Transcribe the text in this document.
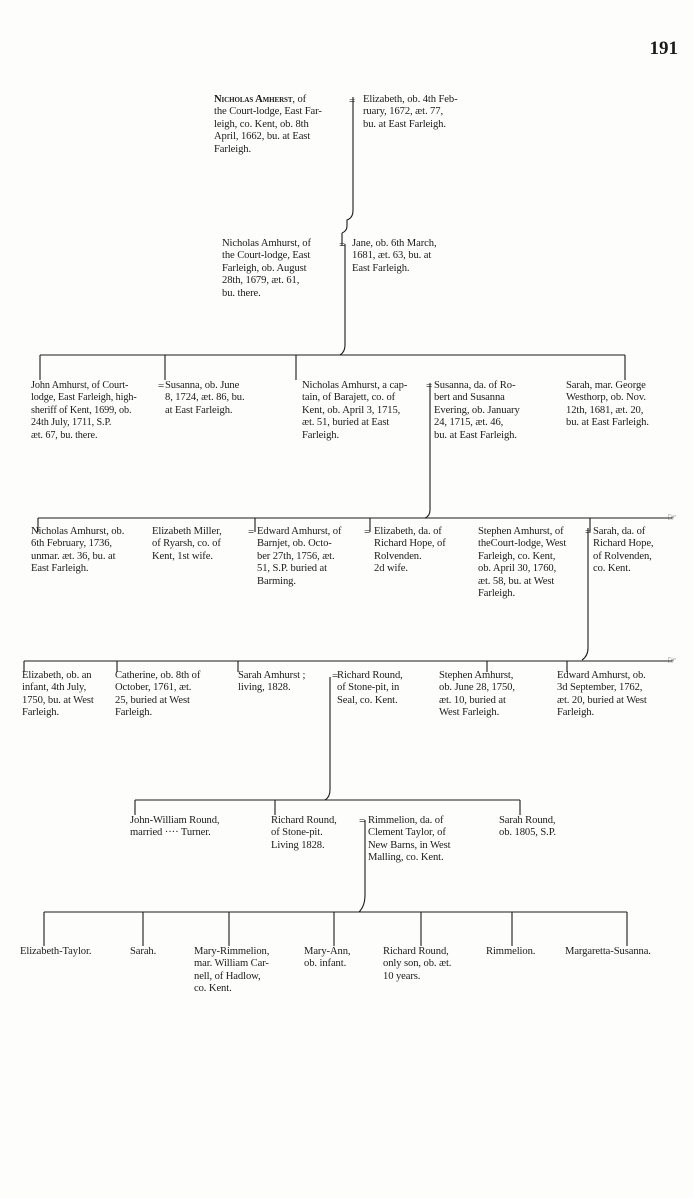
191
Nicholas Amherst, of
the Court-lodge, East Far-
leigh, co. Kent, ob. 8th
April, 1662, bu. at East
Farleigh.
Elizabeth, ob. 4th Feb-
ruary, 1672, æt. 77,
bu. at East Farleigh.
Nicholas Amhurst, of
the Court-lodge, East
Farleigh, ob. August
28th, 1679, æt. 61,
bu. there.
Jane, ob. 6th March,
1681, æt. 63, bu. at
East Farleigh.
John Amhurst, of Court-
lodge, East Farleigh, high-
sheriff of Kent, 1699, ob.
24th July, 1711, S.P.
æt. 67, bu. there.
Susanna, ob. June
8, 1724, æt. 86, bu.
at East Farleigh.
Nicholas Amhurst, a cap-
tain, of Barajett, co. of
Kent, ob. April 3, 1715,
æt. 51, buried at East
Farleigh.
Susanna, da. of Ro-
bert and Susanna
Evering, ob. January
24, 1715, æt. 46,
bu. at East Farleigh.
Sarah, mar. George
Westhorp, ob. Nov.
12th, 1681, æt. 20,
bu. at East Farleigh.
Nicholas Amhurst, ob.
6th February, 1736,
unmar. æt. 36, bu. at
East Farleigh.
Elizabeth Miller,
of Ryarsh, co. of
Kent, 1st wife.
Edward Amhurst, of
Barnjet, ob. Octo-
ber 27th, 1756, æt.
51, S.P. buried at
Barming.
Elizabeth, da. of
Richard Hope, of
Rolvenden.
2d wife.
Stephen Amhurst, of
theCourt-lodge, West
Farleigh, co. Kent,
ob. April 30, 1760,
æt. 58, bu. at West
Farleigh.
Sarah, da. of
Richard Hope,
of Rolvenden,
co. Kent.
Elizabeth, ob. an
infant, 4th July,
1750, bu. at West
Farleigh.
Catherine, ob. 8th of
October, 1761, æt.
25, buried at West
Farleigh.
Sarah Amhurst ;
living, 1828.
Richard Round,
of Stone-pit, in
Seal, co. Kent.
Stephen Amhurst,
ob. June 28, 1750,
æt. 10, buried at
West Farleigh.
Edward Amhurst, ob.
3d September, 1762,
æt. 20, buried at West
Farleigh.
John-William Round,
married ···· Turner.
Richard Round,
of Stone-pit.
Living 1828.
Rimmelion, da. of
Clement Taylor, of
New Barns, in West
Malling, co. Kent.
Sarah Round,
ob. 1805, S.P.
Elizabeth-Taylor.	Sarah.	Mary-Rimmelion,
mar. William Car-
nell, of Hadlow,
co. Kent.
Mary-Ann,
ob. infant.
Richard Round,
only son, ob. æt.
10 years.
Rimmelion.	Margaretta-Susanna.
=
=
=	=
=	=	=
=
=
☞
☞
